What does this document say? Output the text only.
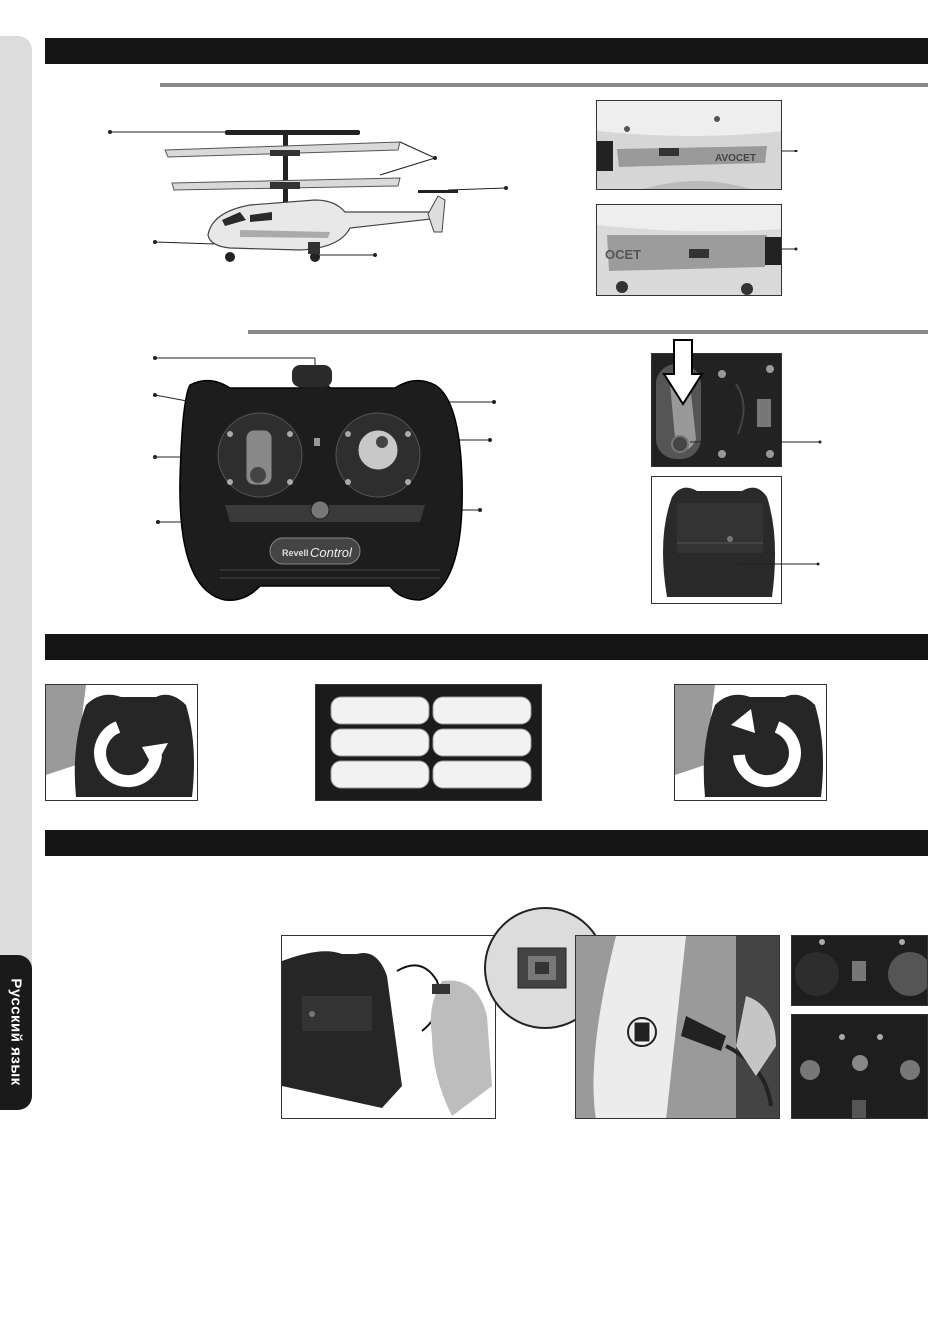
Русский язык
AVOCET
OCET
Revell Control
